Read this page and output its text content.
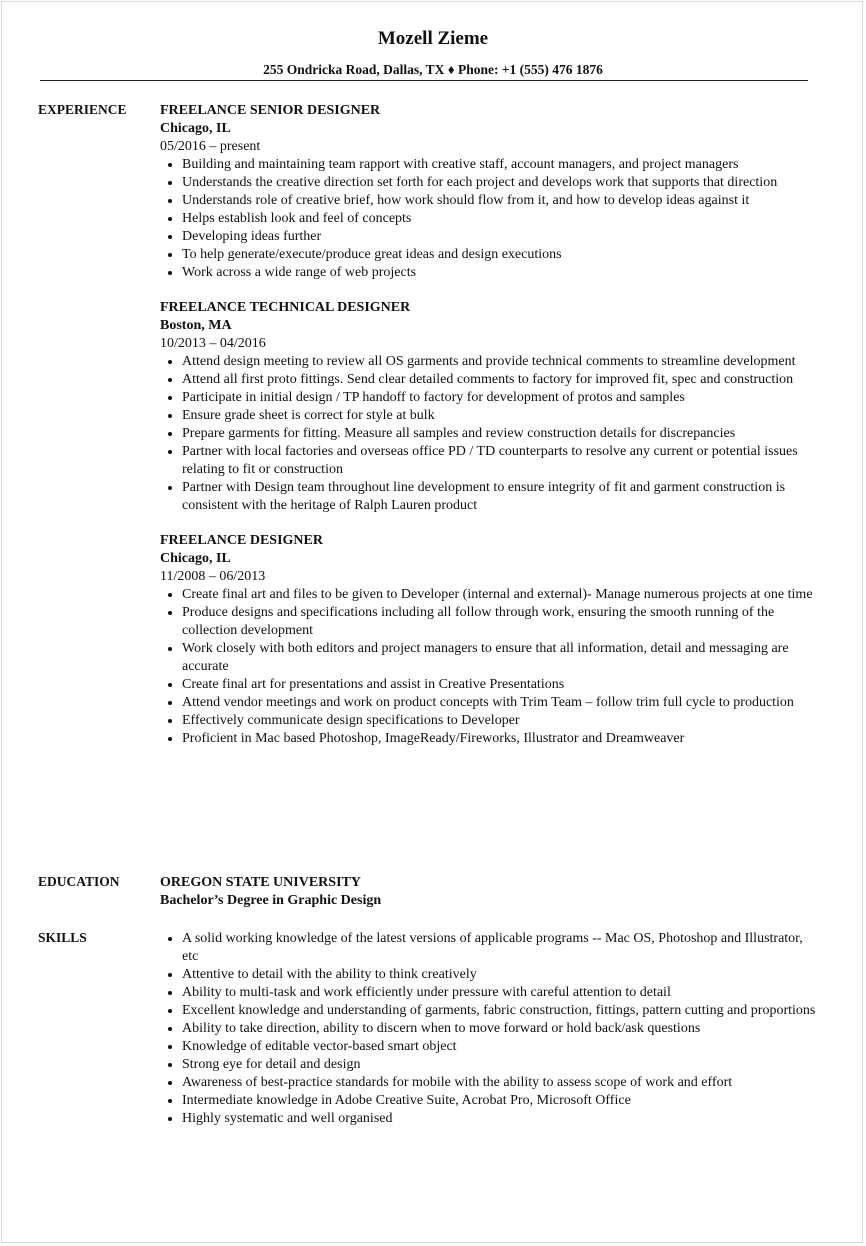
Mozell Zieme
255 Ondricka Road, Dallas, TX ♦ Phone: +1 (555) 476 1876
EXPERIENCE FREELANCE SENIOR DESIGNER
Chicago, IL
05/2016 – present
• Building and maintaining team rapport with creative staff, account managers, and project managers
• Understands the creative direction set forth for each project and develops work that supports that direction
• Understands role of creative brief, how work should flow from it, and how to develop ideas against it
• Helps establish look and feel of concepts
• Developing ideas further
• To help generate/execute/produce great ideas and design executions
• Work across a wide range of web projects
FREELANCE TECHNICAL DESIGNER
Boston, MA
10/2013 – 04/2016
• Attend design meeting to review all OS garments and provide technical comments to streamline development
• Attend all first proto fittings. Send clear detailed comments to factory for improved fit, spec and construction
• Participate in initial design / TP handoff to factory for development of protos and samples
• Ensure grade sheet is correct for style at bulk
• Prepare garments for fitting. Measure all samples and review construction details for discrepancies
• Partner with local factories and overseas office PD / TD counterparts to resolve any current or potential issues relating to fit or construction
• Partner with Design team throughout line development to ensure integrity of fit and garment construction is consistent with the heritage of Ralph Lauren product
FREELANCE DESIGNER
Chicago, IL
11/2008 – 06/2013
• Create final art and files to be given to Developer (internal and external)- Manage numerous projects at one time
• Produce designs and specifications including all follow through work, ensuring the smooth running of the collection development
• Work closely with both editors and project managers to ensure that all information, detail and messaging are accurate
• Create final art for presentations and assist in Creative Presentations
• Attend vendor meetings and work on product concepts with Trim Team – follow trim full cycle to production
• Effectively communicate design specifications to Developer
• Proficient in Mac based Photoshop, ImageReady/Fireworks, Illustrator and Dreamweaver
EDUCATION	OREGON STATE UNIVERSITY
Bachelor’s Degree in Graphic Design
SKILLS
•	A solid working knowledge of the latest versions of applicable programs -- Mac OS, Photoshop and Illustrator, etc
• Attentive to detail with the ability to think creatively
• Ability to multi-task and work efficiently under pressure with careful attention to detail
• Excellent knowledge and understanding of garments, fabric construction, fittings, pattern cutting and proportions
• Ability to take direction, ability to discern when to move forward or hold back/ask questions
• Knowledge of editable vector-based smart object
• Strong eye for detail and design
• Awareness of best-practice standards for mobile with the ability to assess scope of work and effort
• Intermediate knowledge in Adobe Creative Suite, Acrobat Pro, Microsoft Office
• Highly systematic and well organised
